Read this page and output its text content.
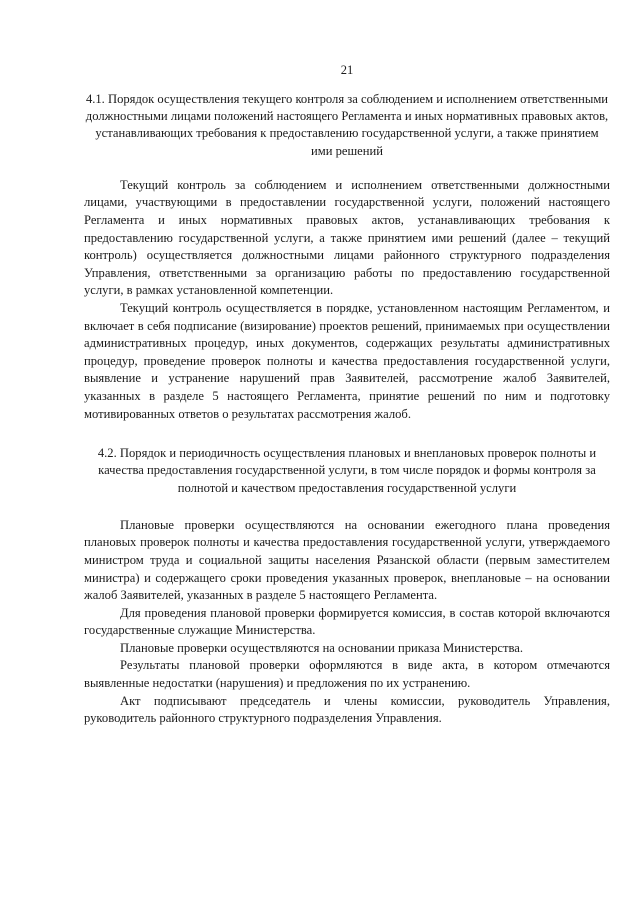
21

4.1. Порядок осуществления текущего контроля за соблюдением и исполнением ответственными должностными лицами положений настоящего Регламента и иных нормативных правовых актов, устанавливающих требования к предоставлению государственной услуги, а также принятием ими решений

Текущий контроль за соблюдением и исполнением ответственными должностными лицами, участвующими в предоставлении государственной услуги, положений настоящего Регламента и иных нормативных правовых актов, устанавливающих требования к предоставлению государственной услуги, а также принятием ими решений (далее – текущий контроль) осуществляется должностными лицами районного структурного подразделения Управления, ответственными за организацию работы по предоставлению государственной услуги, в рамках установленной компетенции.

Текущий контроль осуществляется в порядке, установленном настоящим Регламентом, и включает в себя подписание (визирование) проектов решений, принимаемых при осуществлении административных процедур, иных документов, содержащих результаты административных процедур, проведение проверок полноты и качества предоставления государственной услуги, выявление и устранение нарушений прав Заявителей, рассмотрение жалоб Заявителей, указанных в разделе 5 настоящего Регламента, принятие решений по ним и подготовку мотивированных ответов о результатах рассмотрения жалоб.

4.2. Порядок и периодичность осуществления плановых и внеплановых проверок полноты и качества предоставления государственной услуги, в том числе порядок и формы контроля за полнотой и качеством предоставления государственной услуги

Плановые проверки осуществляются на основании ежегодного плана проведения плановых проверок полноты и качества предоставления государственной услуги, утверждаемого министром труда и социальной защиты населения Рязанской области (первым заместителем министра) и содержащего сроки проведения указанных проверок, внеплановые – на основании жалоб Заявителей, указанных в разделе 5 настоящего Регламента.

Для проведения плановой проверки формируется комиссия, в состав которой включаются государственные служащие Министерства.

Плановые проверки осуществляются на основании приказа Министерства.

Результаты плановой проверки оформляются в виде акта, в котором отмечаются выявленные недостатки (нарушения) и предложения по их устранению.

Акт подписывают председатель и члены комиссии, руководитель Управления, руководитель районного структурного подразделения Управления.
